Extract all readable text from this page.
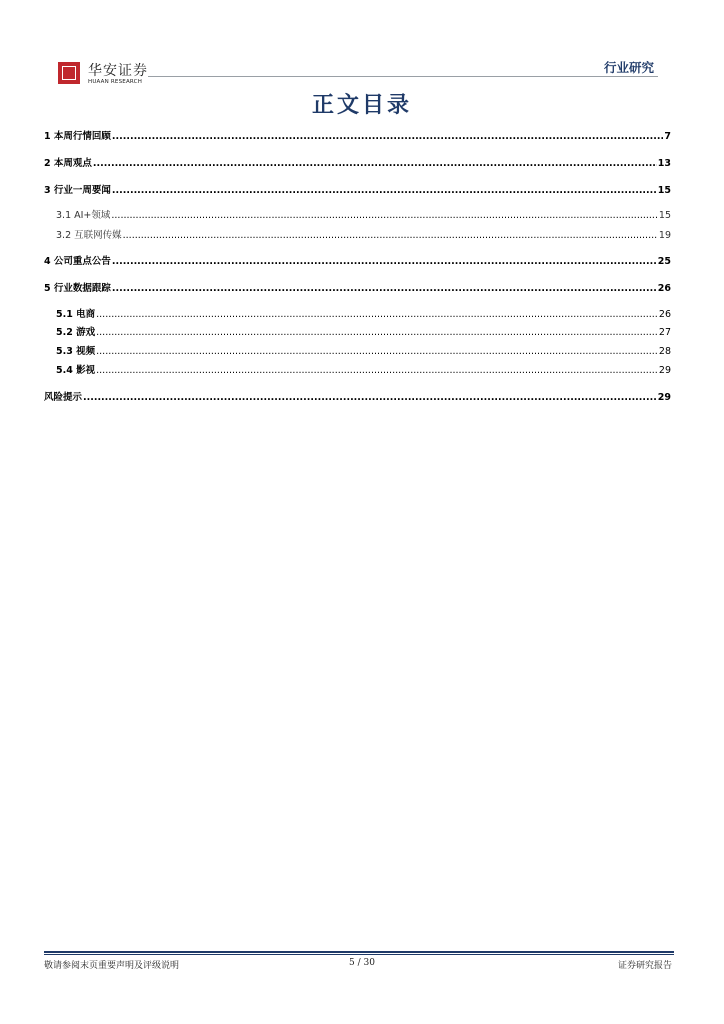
华安证券
HUAAN RESEARCH
行业研究
正文目录
1 本周行情回顾 .....	7
2 本周观点 .....	13
3 行业一周要闻 .....	15
3.1 AI+领域 .....	15
3.2 互联网传媒 .....	19
4 公司重点公告 .....	25
5 行业数据跟踪 .....	26
5.1 电商 .....	26
5.2 游戏 .....	27
5.3 视频 .....	28
5.4 影视 .....	29
风险提示 .....	29
敬请参阅末页重要声明及评级说明	5 / 30	证券研究报告
